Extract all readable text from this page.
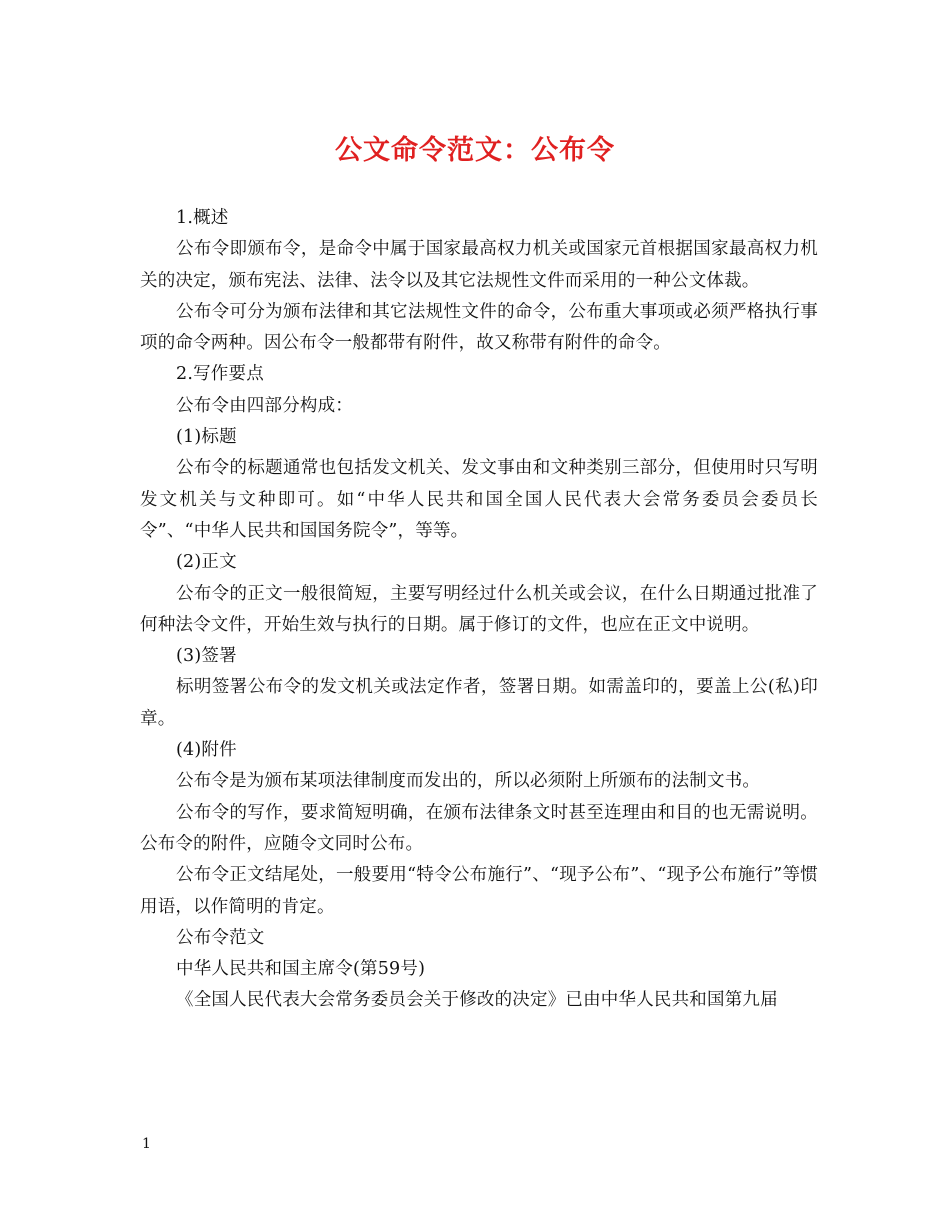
公文命令范文：公布令

1.概述

公布令即颁布令，是命令中属于国家最高权力机关或国家元首根据国家最高权力机关的决定，颁布宪法、法律、法令以及其它法规性文件而采用的一种公文体裁。

公布令可分为颁布法律和其它法规性文件的命令，公布重大事项或必须严格执行事项的命令两种。因公布令一般都带有附件，故又称带有附件的命令。

2.写作要点

公布令由四部分构成：

(1)标题

公布令的标题通常也包括发文机关、发文事由和文种类别三部分，但使用时只写明发文机关与文种即可。如“中华人民共和国全国人民代表大会常务委员会委员长令”、“中华人民共和国国务院令”，等等。

(2)正文

公布令的正文一般很简短，主要写明经过什么机关或会议，在什么日期通过批准了何种法令文件，开始生效与执行的日期。属于修订的文件，也应在正文中说明。

(3)签署

标明签署公布令的发文机关或法定作者，签署日期。如需盖印的，要盖上公(私)印章。

(4)附件

公布令是为颁布某项法律制度而发出的，所以必须附上所颁布的法制文书。

公布令的写作，要求简短明确，在颁布法律条文时甚至连理由和目的也无需说明。公布令的附件，应随令文同时公布。

公布令正文结尾处，一般要用“特令公布施行”、“现予公布”、“现予公布施行”等惯用语，以作简明的肯定。

公布令范文

中华人民共和国主席令(第59号)

《全国人民代表大会常务委员会关于修改的决定》已由中华人民共和国第九届

1
